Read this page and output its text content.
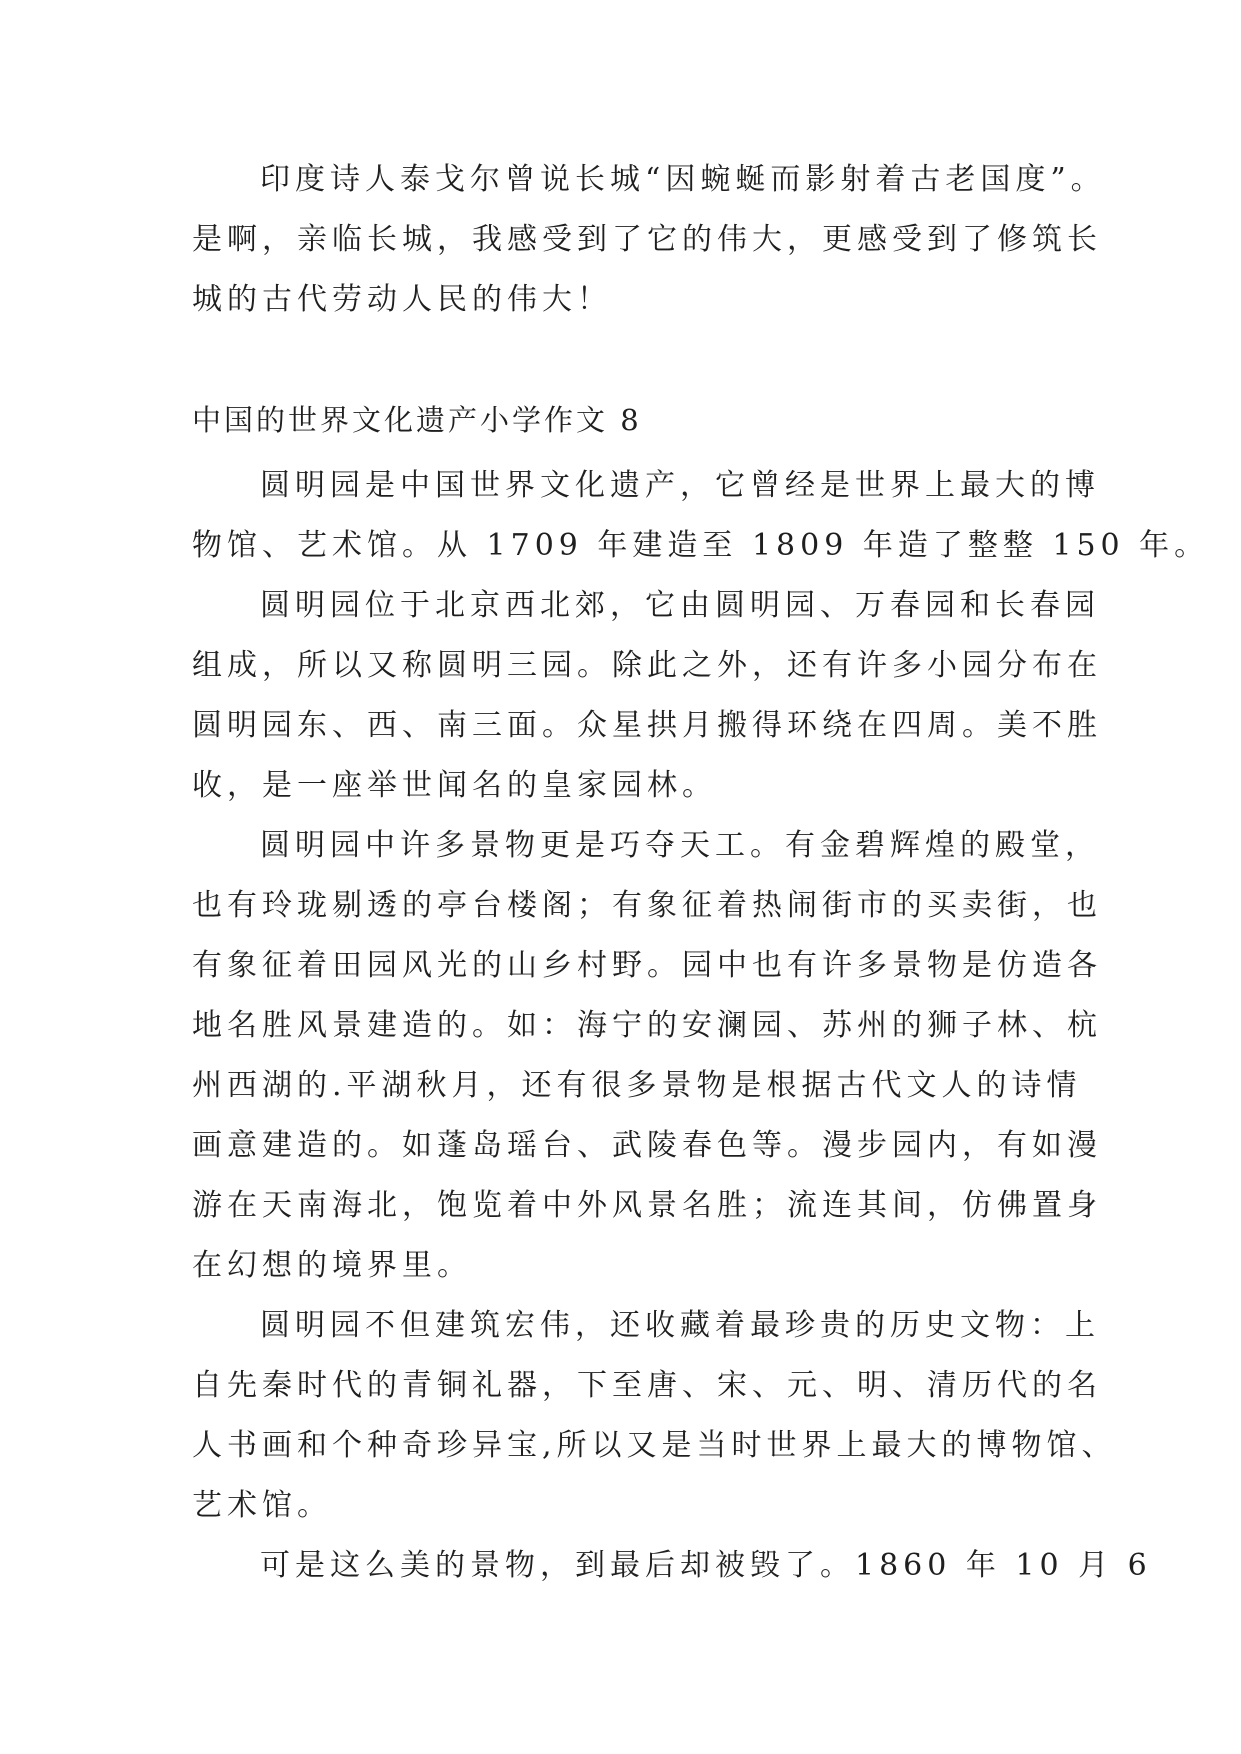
印度诗人泰戈尔曾说长城“因蜿蜒而影射着古老国度”。
是啊，亲临长城，我感受到了它的伟大，更感受到了修筑长
城的古代劳动人民的伟大！
中国的世界文化遗产小学作文 8
圆明园是中国世界文化遗产，它曾经是世界上最大的博
物馆、艺术馆。从 1709 年建造至 1809 年造了整整 150 年。
圆明园位于北京西北郊，它由圆明园、万春园和长春园
组成，所以又称圆明三园。除此之外，还有许多小园分布在
圆明园东、西、南三面。众星拱月搬得环绕在四周。美不胜
收，是一座举世闻名的皇家园林。
圆明园中许多景物更是巧夺天工。有金碧辉煌的殿堂，
也有玲珑剔透的亭台楼阁；有象征着热闹街市的买卖街，也
有象征着田园风光的山乡村野。园中也有许多景物是仿造各
地名胜风景建造的。如：海宁的安澜园、苏州的狮子林、杭
州西湖的.平湖秋月，还有很多景物是根据古代文人的诗情
画意建造的。如蓬岛瑶台、武陵春色等。漫步园内，有如漫
游在天南海北，饱览着中外风景名胜；流连其间，仿佛置身
在幻想的境界里。
圆明园不但建筑宏伟，还收藏着最珍贵的历史文物：上
自先秦时代的青铜礼器，下至唐、宋、元、明、清历代的名
人书画和个种奇珍异宝,所以又是当时世界上最大的博物馆、
艺术馆。
可是这么美的景物，到最后却被毁了。1860 年 10 月 6
